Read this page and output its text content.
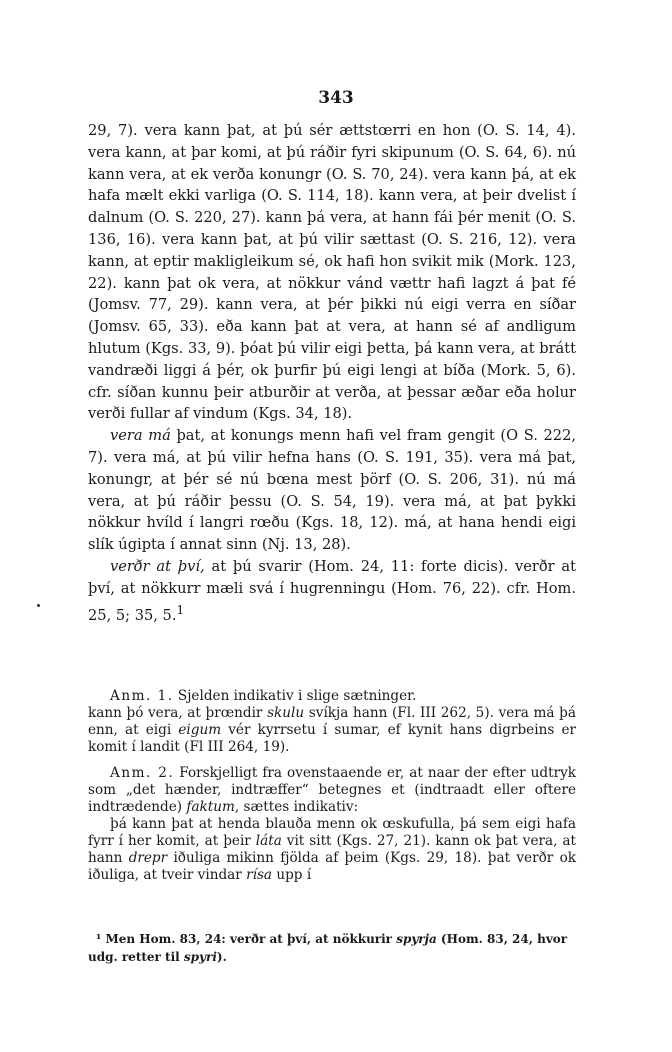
343

29, 7). vera kann þat, at þú sér ættstœrri en hon (O. S. 14, 4). vera kann, at þar komi, at þú ráðir fyri skipunum (O. S. 64, 6). nú kann vera, at ek verða konungr (O. S. 70, 24). vera kann þá, at ek hafa mælt ekki varliga (O. S. 114, 18). kann vera, at þeir dvelist í dalnum (O. S. 220, 27). kann þá vera, at hann fái þér menit (O. S. 136, 16). vera kann þat, at þú vilir sættast (O. S. 216, 12). vera kann, at eptir makligleikum sé, ok hafi hon svikit mik (Mork. 123, 22). kann þat ok vera, at nökkur vánd vættr hafi lagzt á þat fé (Jomsv. 77, 29). kann vera, at þér þikki nú eigi verra en síðar (Jomsv. 65, 33). eða kann þat at vera, at hann sé af andligum hlutum (Kgs. 33, 9). þóat þú vilir eigi þetta, þá kann vera, at brátt vandræði liggi á þér, ok þurfir þú eigi lengi at bíða (Mork. 5, 6). cfr. síðan kunnu þeir atburðir at verða, at þessar æðar eða holur verði fullar af vindum (Kgs. 34, 18).

vera má þat, at konungs menn hafi vel fram gengit (O S. 222, 7). vera má, at þú vilir hefna hans (O. S. 191, 35). vera má þat, konungr, at þér sé nú bœna mest þörf (O. S. 206, 31). nú má vera, at þú ráðir þessu (O. S. 54, 19). vera má, at þat þykki nökkur hvíld í langri rœðu (Kgs. 18, 12). má, at hana hendi eigi slík úgipta í annat sinn (Nj. 13, 28).

verðr at því, at þú svarir (Hom. 24, 11: forte dicis). verðr at því, at nökkurr mæli svá í hugrenningu (Hom. 76, 22). cfr. Hom. 25, 5; 35, 5.$^1$

Anm. 1. Sjelden indikativ i slige sætninger.

kann þó vera, at þrœndir skulu svíkja hann (Fl. III 262, 5). vera má þá enn, at eigi eigum vér kyrrsetu í sumar, ef kynit hans digrbeins er komit í landit (Fl III 264, 19).

Anm. 2. Forskjelligt fra ovenstaaende er, at naar der efter udtryk som „det hænder, indtræffer“ betegnes et (indtraadt eller oftere indtrædende) faktum, sættes indikativ:

þá kann þat at henda blauða menn ok œskufulla, þá sem eigi hafa fyrr í her komit, at þeir láta vit sitt (Kgs. 27, 21). kann ok þat vera, at hann drepr iðuliga mikinn fjölda af þeim (Kgs. 29, 18). þat verðr ok iðuliga, at tveir vindar rísa upp í

¹ Men Hom. 83, 24: verðr at því, at nökkurir spyrja (Hom. 83, 24, hvor udg. retter til spyri).
